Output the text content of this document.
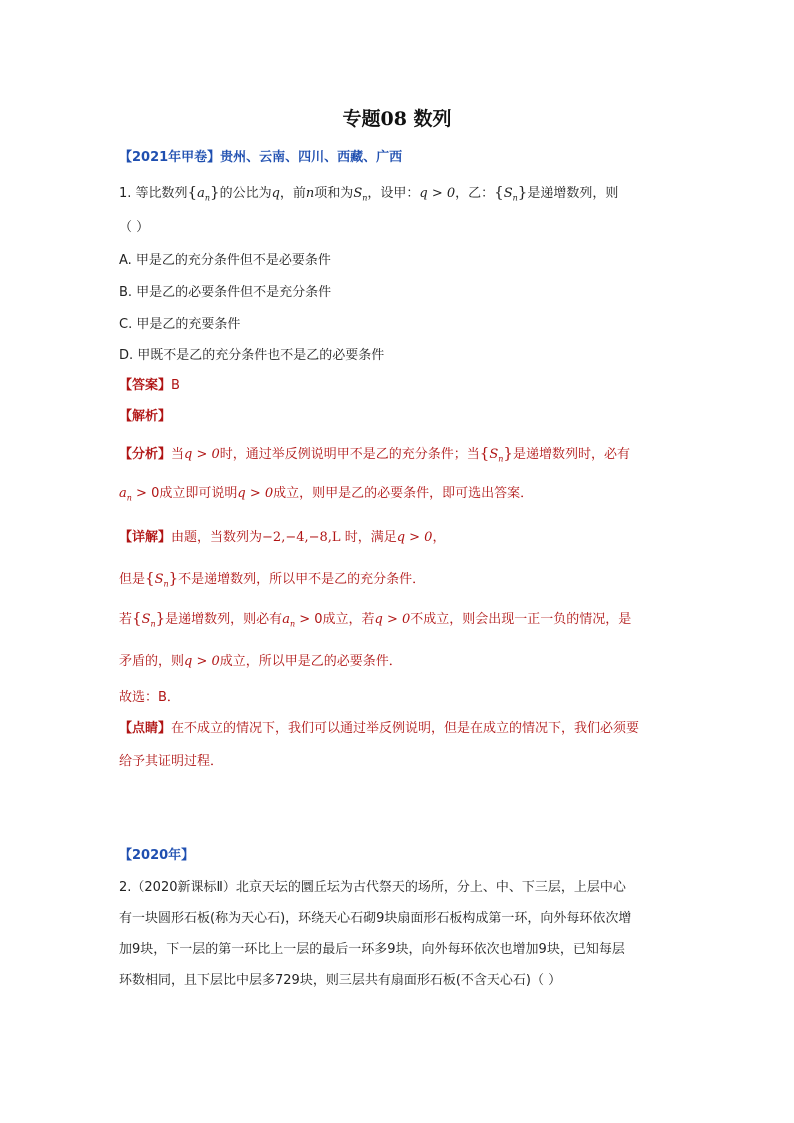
专题08 数列
【2021年甲卷】贵州、云南、四川、西藏、广西
1. 等比数列$\{a_n\}$的公比为q，前n项和为$S_n$，设甲：q > 0，乙：$\{S_n\}$是递增数列，则
（ ）
A. 甲是乙的充分条件但不是必要条件
B. 甲是乙的必要条件但不是充分条件
C. 甲是乙的充要条件
D. 甲既不是乙的充分条件也不是乙的必要条件
【答案】B
【解析】
【分析】当q > 0时，通过举反例说明甲不是乙的充分条件；当$\{S_n\}$是递增数列时，必有
$a_n > 0$成立即可说明q > 0成立，则甲是乙的必要条件，即可选出答案．
【详解】由题，当数列为−2,−4,−8,L 时，满足q > 0，
但是$\{S_n\}$不是递增数列，所以甲不是乙的充分条件．
若$\{S_n\}$是递增数列，则必有$a_n > 0$成立，若q > 0不成立，则会出现一正一负的情况，是
矛盾的，则q > 0成立，所以甲是乙的必要条件．
故选：B．
【点睛】在不成立的情况下，我们可以通过举反例说明，但是在成立的情况下，我们必须要
给予其证明过程．
【2020年】
2.（2020新课标Ⅱ）北京天坛的圜丘坛为古代祭天的场所，分上、中、下三层，上层中心
有一块圆形石板(称为天心石)，环绕天心石砌9块扇面形石板构成第一环，向外每环依次增
加9块，下一层的第一环比上一层的最后一环多9块，向外每环依次也增加9块，已知每层
环数相同，且下层比中层多729块，则三层共有扇面形石板(不含天心石)（ ）
